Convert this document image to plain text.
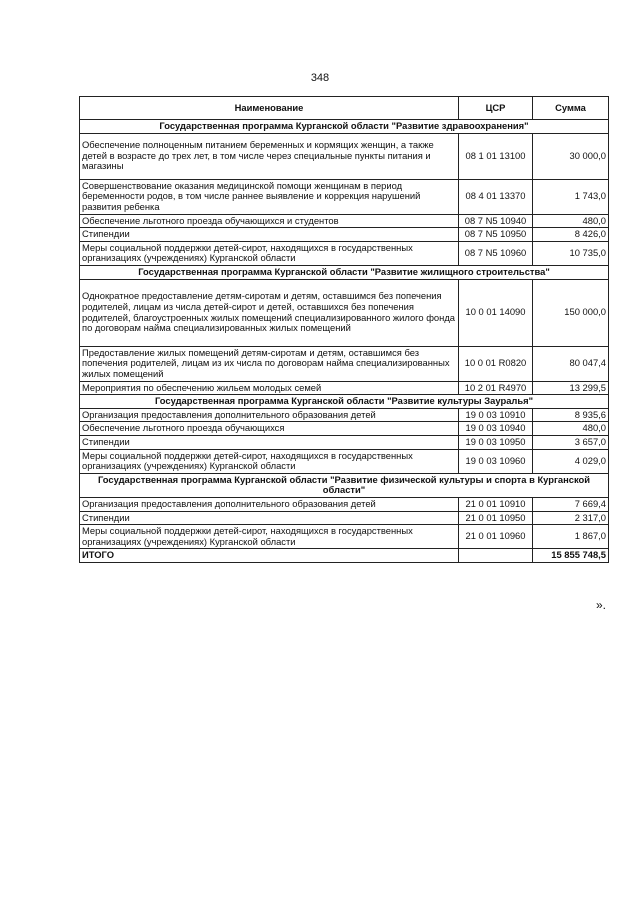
348
Наименование	ЦСР	Сумма
Государственная программа Курганской области "Развитие здравоохранения"		
Обеспечение полноценным питанием беременных и кормящих женщин, а также детей в возрасте до трех лет, в том числе через специальные пункты питания и магазины	08 1 01 13100	30 000,0
Совершенствование оказания медицинской помощи женщинам в период беременности родов, в том числе раннее выявление и коррекция нарушений развития ребенка	08 4 01 13370	1 743,0
Обеспечение льготного проезда обучающихся и студентов	08 7 N5 10940	480,0
Стипендии	08 7 N5 10950	8 426,0
Меры социальной поддержки детей-сирот, находящихся в государственных организациях (учреждениях) Курганской области	08 7 N5 10960	10 735,0
Государственная программа Курганской области "Развитие жилищного строительства"		
Однократное предоставление детям-сиротам и детям, оставшимся без попечения родителей, лицам из числа детей-сирот и детей, оставшихся без попечения родителей, благоустроенных жилых помещений специализированного жилого фонда по договорам найма специализированных жилых помещений	10 0 01 14090	150 000,0
Предоставление жилых помещений детям-сиротам и детям, оставшимся без попечения родителей, лицам из их числа по договорам найма специализированных жилых помещений	10 0 01 R0820	80 047,4
Мероприятия по обеспечению жильем молодых семей	10 2 01 R4970	13 299,5
Государственная программа Курганской области "Развитие культуры Зауралья"		
Организация предоставления дополнительного образования детей	19 0 03 10910	8 935,6
Обеспечение льготного проезда обучающихся	19 0 03 10940	480,0
Стипендии	19 0 03 10950	3 657,0
Меры социальной поддержки детей-сирот, находящихся в государственных организациях (учреждениях) Курганской области	19 0 03 10960	4 029,0
Государственная программа Курганской области "Развитие физической культуры и спорта в Курганской области"		
Организация предоставления дополнительного образования детей	21 0 01 10910	7 669,4
Стипендии	21 0 01 10950	2 317,0
Меры социальной поддержки детей-сирот, находящихся в государственных организациях (учреждениях) Курганской области	21 0 01 10960	1 867,0
ИТОГО		15 855 748,5
».
